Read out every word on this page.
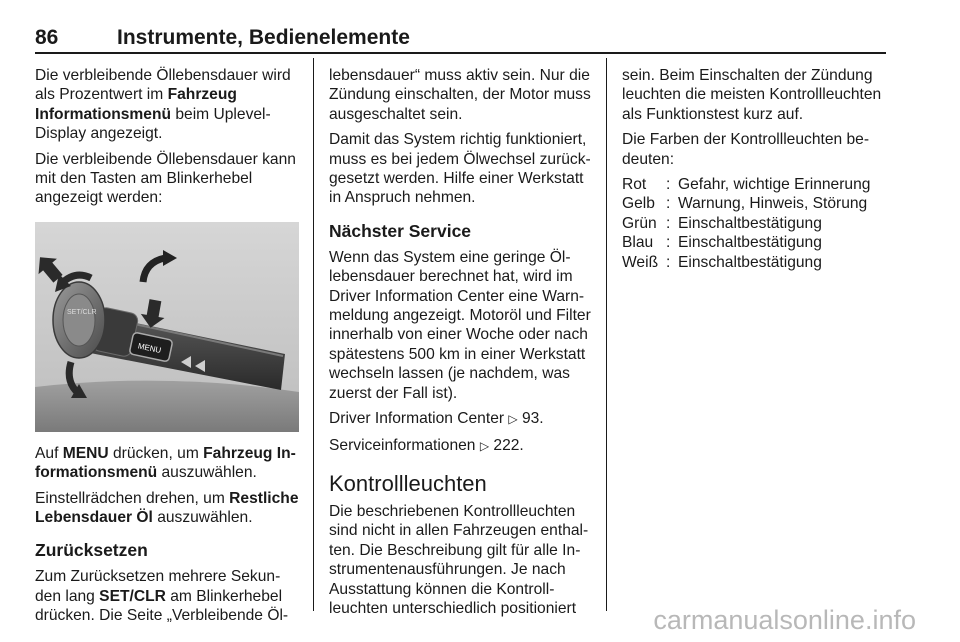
86	Instrumente, Bedienelemente

Die verbleibende Öllebensdauer wird als Prozentwert im Fahrzeug Informationsmenü beim Uplevel-Display angezeigt.

Die verbleibende Öllebensdauer kann mit den Tasten am Blinkerhebel angezeigt werden:

SET/CLR
MENU

Auf MENU drücken, um Fahrzeug Informationsmenü auszuwählen.

Einstellrädchen drehen, um Restliche Lebensdauer Öl auszuwählen.

Zurücksetzen

Zum Zurücksetzen mehrere Sekunden lang SET/CLR am Blinkerhebel drücken. Die Seite „Verbleibende Öl-

lebensdauer“ muss aktiv sein. Nur die Zündung einschalten, der Motor muss ausgeschaltet sein.

Damit das System richtig funktioniert, muss es bei jedem Ölwechsel zurückgesetzt werden. Hilfe einer Werkstatt in Anspruch nehmen.

Nächster Service

Wenn das System eine geringe Öllebensdauer berechnet hat, wird im Driver Information Center eine Warnmeldung angezeigt. Motoröl und Filter innerhalb von einer Woche oder nach spätestens 500 km in einer Werkstatt wechseln lassen (je nachdem, was zuerst der Fall ist).

Driver Information Center ▷ 93.

Serviceinformationen ▷ 222.

Kontrollleuchten

Die beschriebenen Kontrollleuchten sind nicht in allen Fahrzeugen enthalten. Die Beschreibung gilt für alle Instrumentenausführungen. Je nach Ausstattung können die Kontrollleuchten unterschiedlich positioniert

sein. Beim Einschalten der Zündung leuchten die meisten Kontrollleuchten als Funktionstest kurz auf.

Die Farben der Kontrollleuchten bedeuten:

Rot	:	Gefahr, wichtige Erinnerung
Gelb	:	Warnung, Hinweis, Störung
Grün	:	Einschaltbestätigung
Blau	:	Einschaltbestätigung
Weiß	:	Einschaltbestätigung
carmanualsonline.info
